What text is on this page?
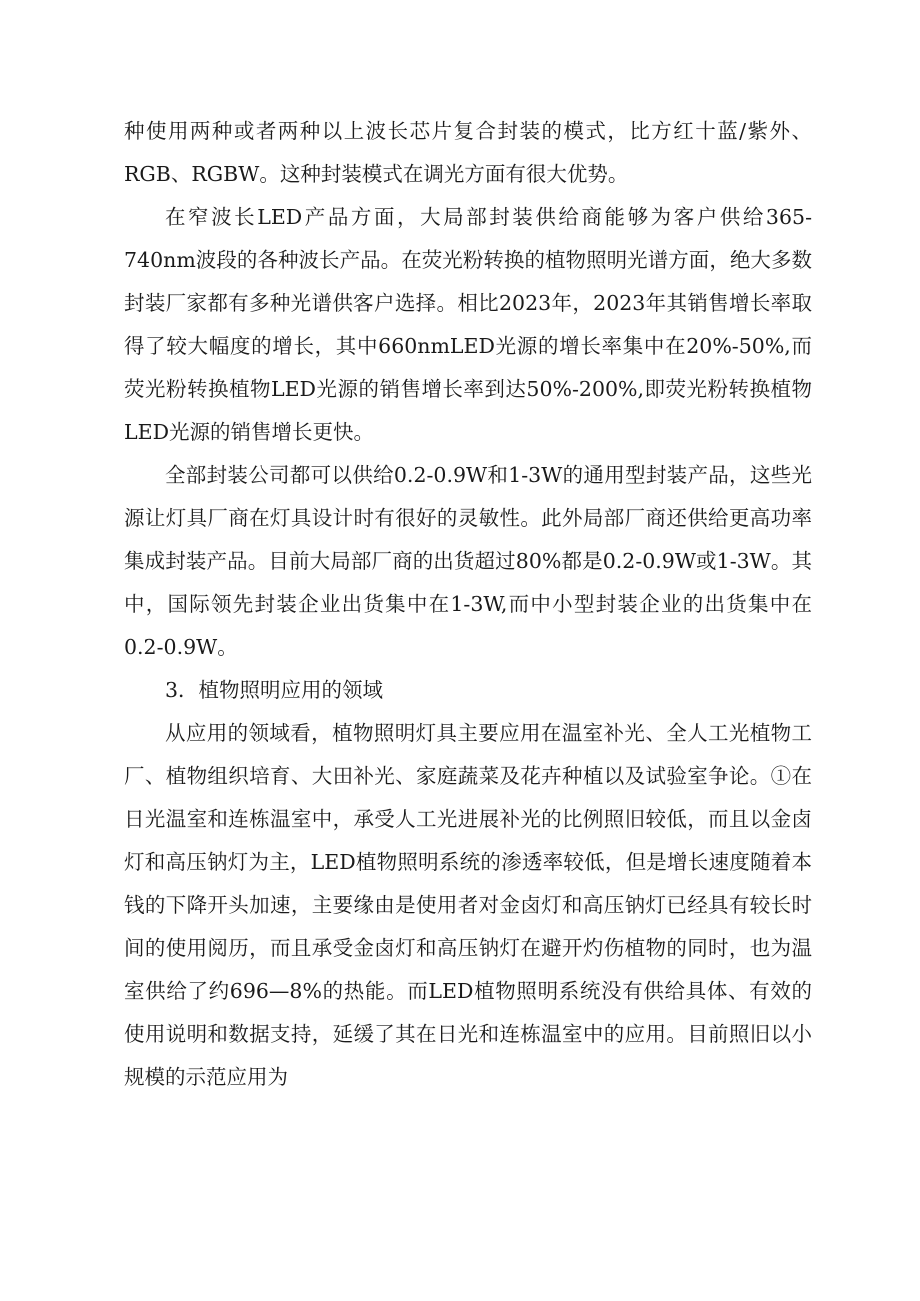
种使用两种或者两种以上波长芯片复合封装的模式，比方红十蓝/紫外、RGB、RGBW。这种封装模式在调光方面有很大优势。

在窄波长LED产品方面，大局部封装供给商能够为客户供给365-740nm波段的各种波长产品。在荧光粉转换的植物照明光谱方面，绝大多数封装厂家都有多种光谱供客户选择。相比2023年，2023年其销售增长率取得了较大幅度的增长，其中660nmLED光源的增长率集中在20%-50%,而荧光粉转换植物LED光源的销售增长率到达50%-200%,即荧光粉转换植物LED光源的销售增长更快。

全部封装公司都可以供给0.2-0.9W和1-3W的通用型封装产品，这些光源让灯具厂商在灯具设计时有很好的灵敏性。此外局部厂商还供给更高功率集成封装产品。目前大局部厂商的出货超过80%都是0.2-0.9W或1-3W。其中，国际领先封装企业出货集中在1-3W,而中小型封装企业的出货集中在0.2-0.9W。

3．植物照明应用的领域

从应用的领域看，植物照明灯具主要应用在温室补光、全人工光植物工厂、植物组织培育、大田补光、家庭蔬菜及花卉种植以及试验室争论。①在日光温室和连栋温室中，承受人工光进展补光的比例照旧较低，而且以金卤灯和高压钠灯为主，LED植物照明系统的渗透率较低，但是增长速度随着本钱的下降开头加速，主要缘由是使用者对金卤灯和高压钠灯已经具有较长时间的使用阅历，而且承受金卤灯和高压钠灯在避开灼伤植物的同时，也为温室供给了约696—8%的热能。而LED植物照明系统没有供给具体、有效的使用说明和数据支持，延缓了其在日光和连栋温室中的应用。目前照旧以小规模的示范应用为
